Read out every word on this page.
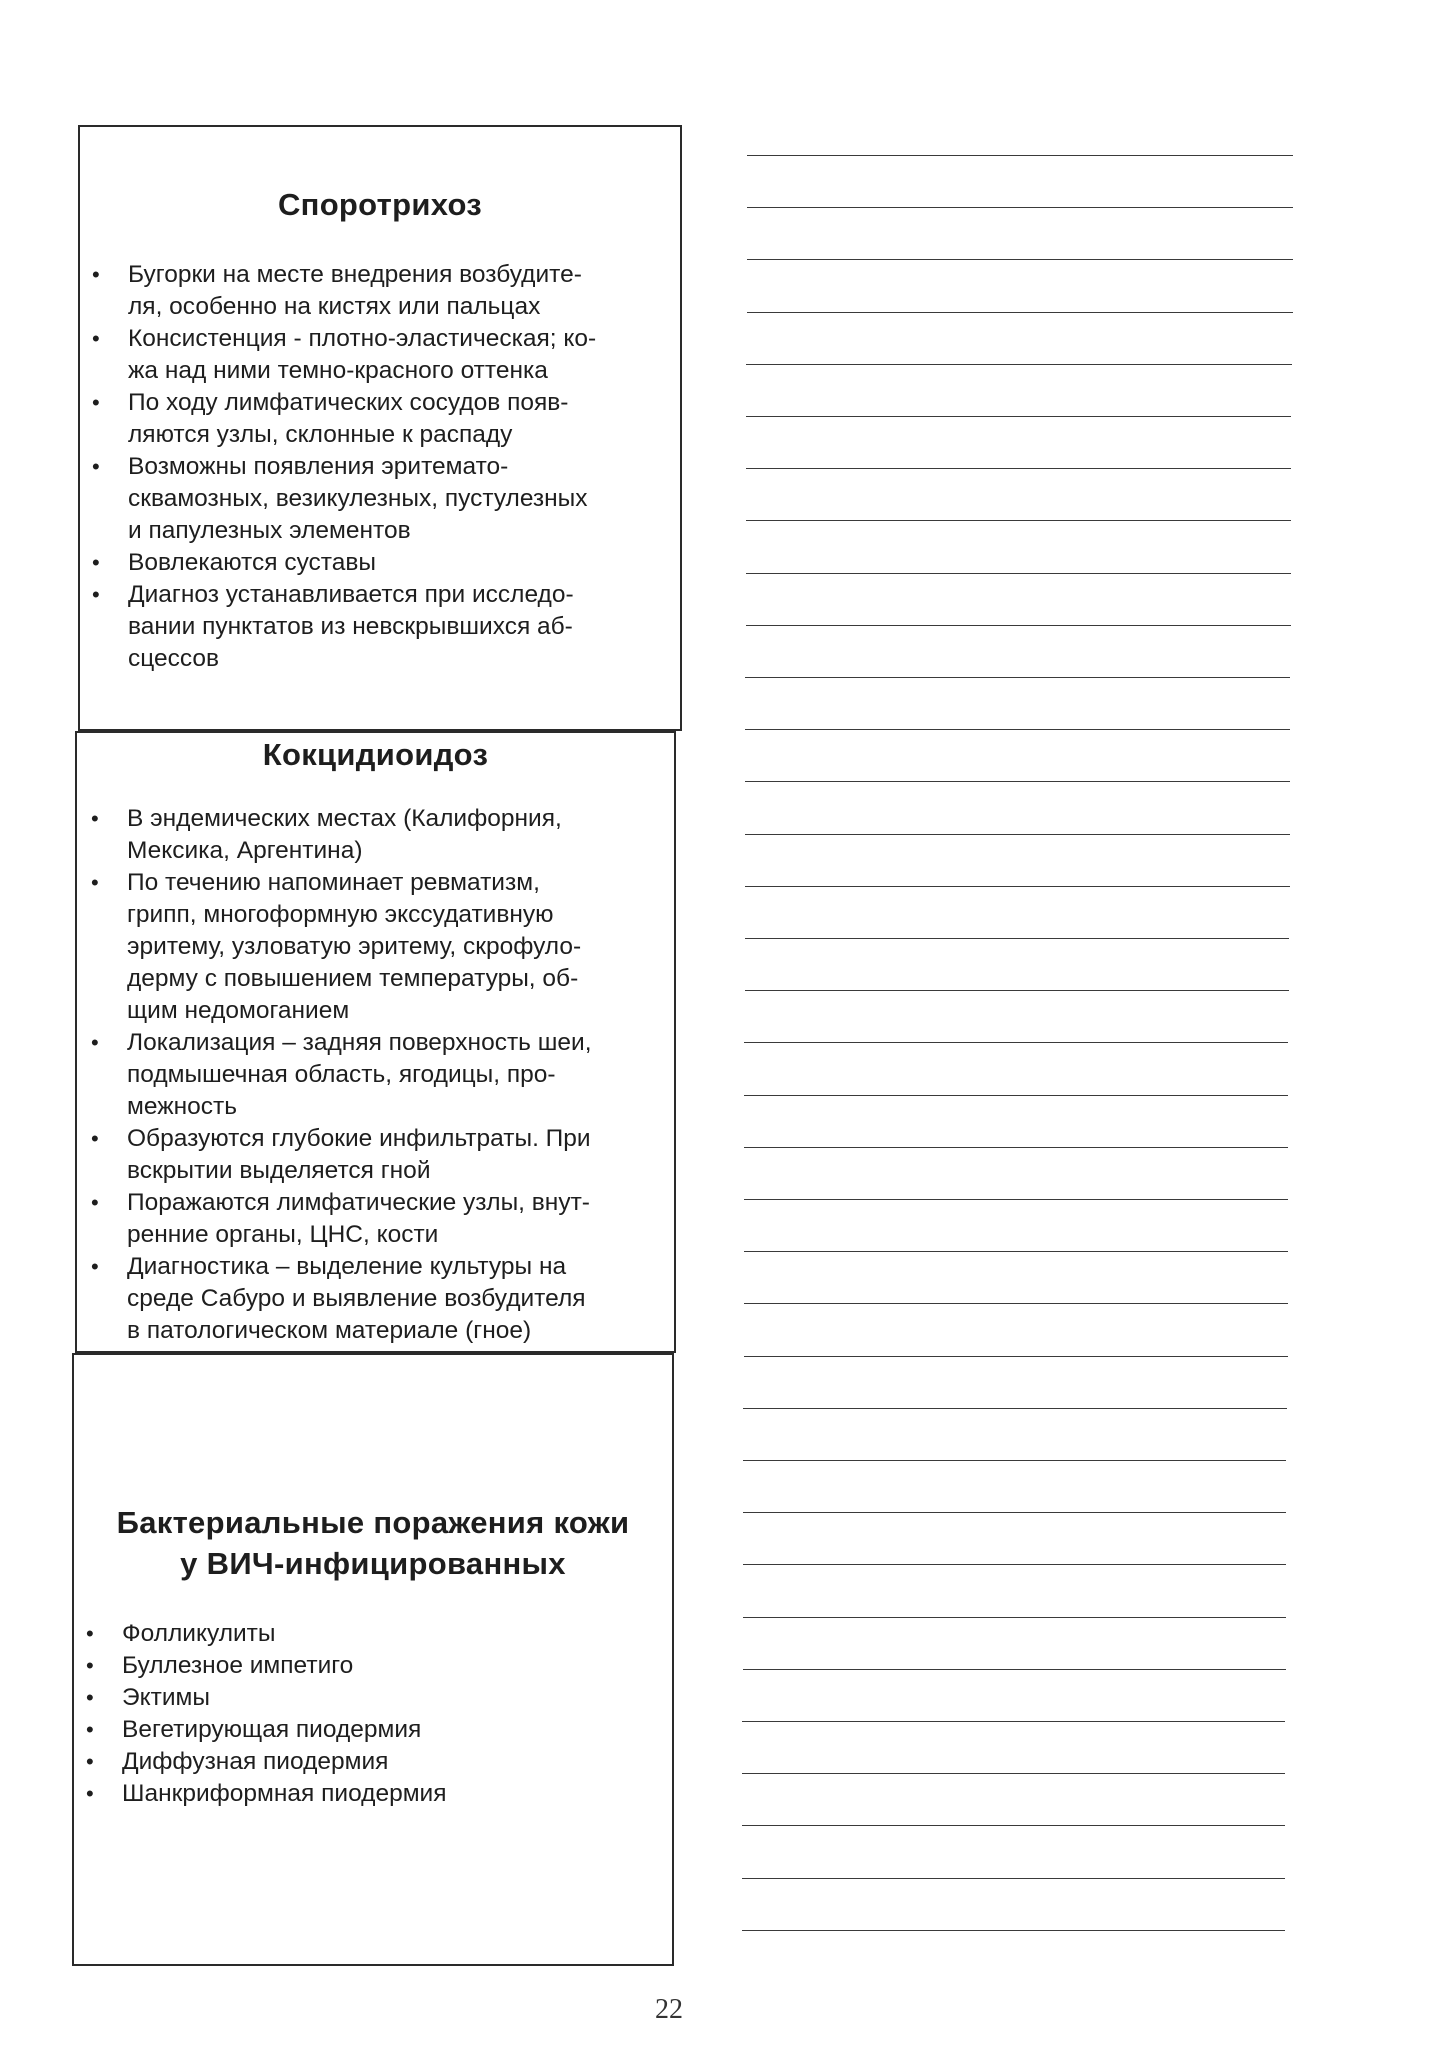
Споротрихоз
• Бугорки на месте внедрения возбудите-
ля, особенно на кистях или пальцах
• Консистенция - плотно-эластическая; ко-
жа над ними темно-красного оттенка
• По ходу лимфатических сосудов появ-
ляются узлы, склонные к распаду
• Возможны появления эритемато-
сквамозных, везикулезных, пустулезных
и папулезных элементов
• Вовлекаются суставы
• Диагноз устанавливается при исследо-
вании пунктатов из невскрывшихся аб-
сцессов
Кокцидиоидоз
• В эндемических местах (Калифорния,
Мексика, Аргентина)
• По течению напоминает ревматизм,
грипп, многоформную экссудативную
эритему, узловатую эритему, скрофуло-
дерму с повышением температуры, об-
щим недомоганием
• Локализация – задняя поверхность шеи,
подмышечная область, ягодицы, про-
межность
• Образуются глубокие инфильтраты. При
вскрытии выделяется гной
• Поражаются лимфатические узлы, внут-
ренние органы, ЦНС, кости
• Диагностика – выделение культуры на
среде Сабуро и выявление возбудителя
в патологическом материале (гное)
Бактериальные поражения кожи
у ВИЧ-инфицированных
• Фолликулиты
• Буллезное импетиго
• Эктимы
• Вегетирующая пиодермия
• Диффузная пиодермия
• Шанкриформная пиодермия
22
